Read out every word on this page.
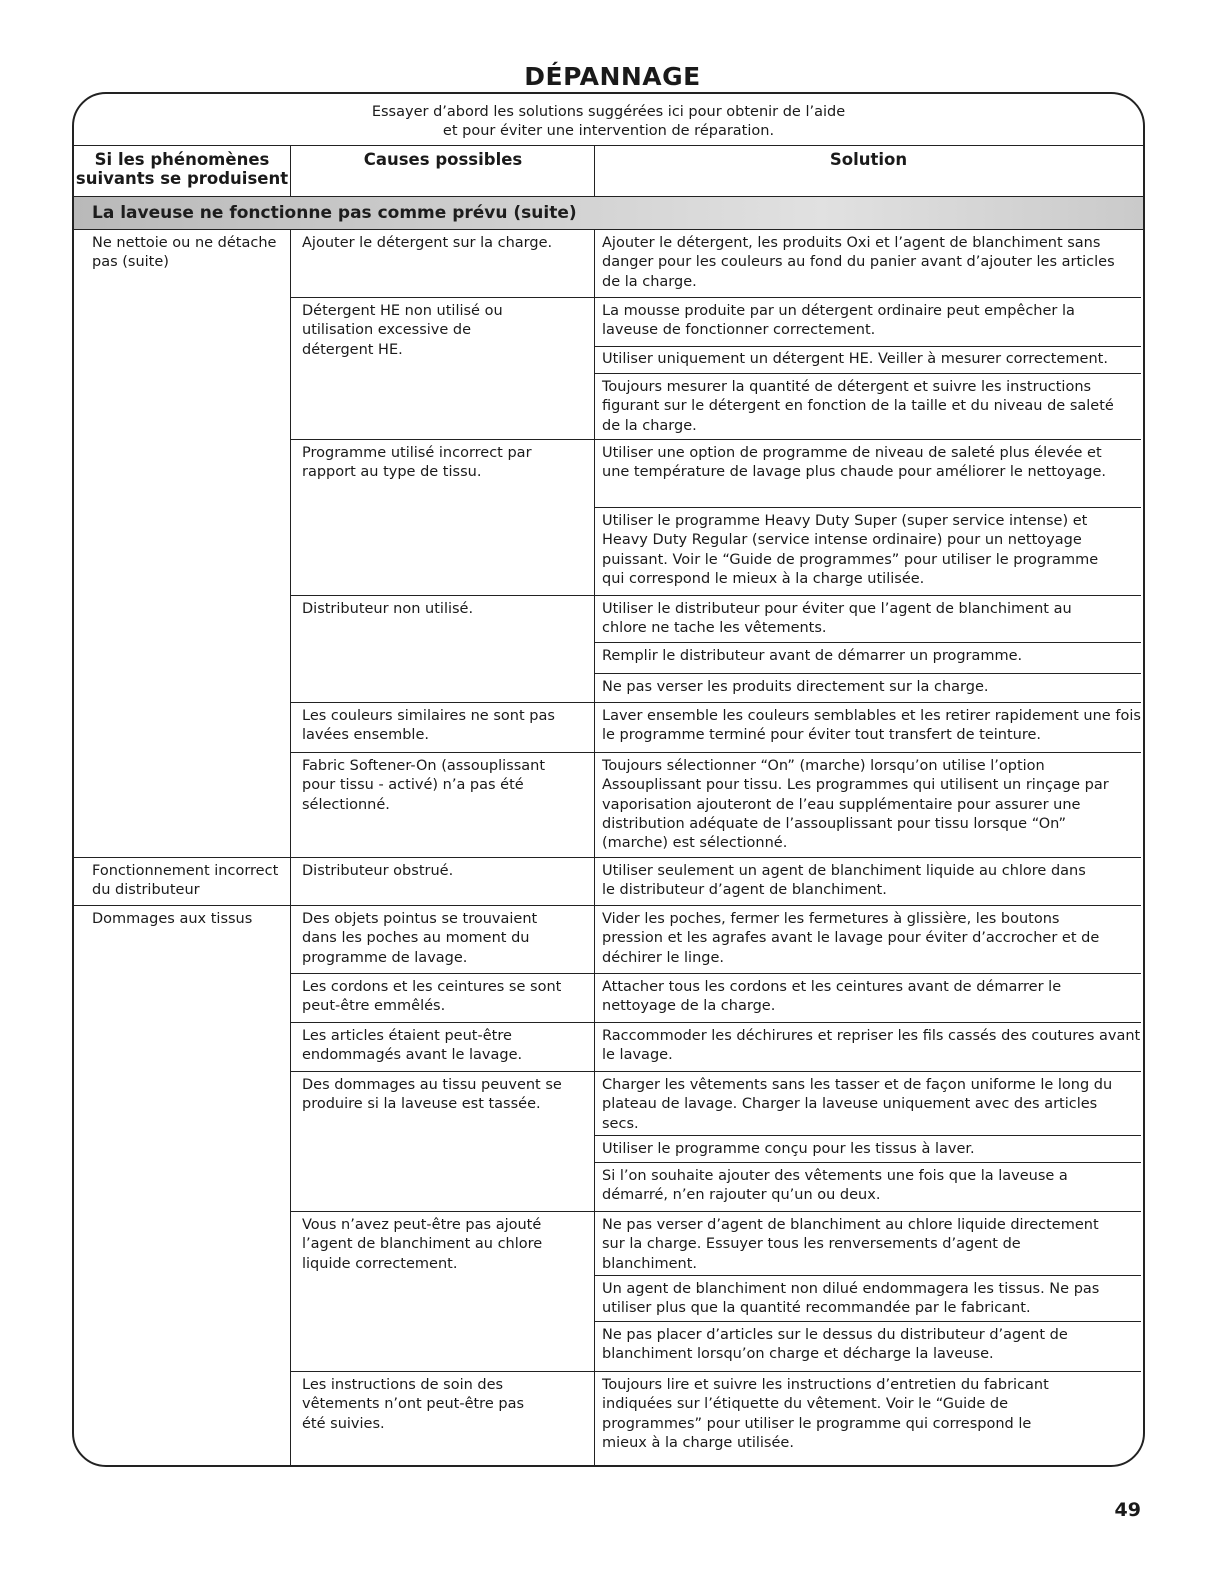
DÉPANNAGE
Essayer d’abord les solutions suggérées ici pour obtenir de l’aide
et pour éviter une intervention de réparation.
Si les phénomènes suivants se produisent
Causes possibles	Solution
La laveuse ne fonctionne pas comme prévu (suite)
Ne nettoie ou ne détache pas (suite)
Fonctionnement incorrect du distributeur
Dommages aux tissus
Ajouter le détergent sur la charge.
Détergent HE non utilisé ou utilisation excessive de détergent HE.
Programme utilisé incorrect par rapport au type de tissu.
Distributeur non utilisé.
Les couleurs similaires ne sont pas lavées ensemble.
Fabric Softener-On (assouplissant pour tissu - activé) n’a pas été sélectionné.
Distributeur obstrué.
Des objets pointus se trouvaient dans les poches au moment du programme de lavage.
Les cordons et les ceintures se sont peut-être emmêlés.
Les articles étaient peut-être endommagés avant le lavage.
Des dommages au tissu peuvent se produire si la laveuse est tassée.
Vous n’avez peut-être pas ajouté l’agent de blanchiment au chlore liquide correctement.
Les instructions de soin des vêtements n’ont peut-être pas été suivies.
Ajouter le détergent, les produits Oxi et l’agent de blanchiment sans danger pour les couleurs au fond du panier avant d’ajouter les articles de la charge.
La mousse produite par un détergent ordinaire peut empêcher la laveuse de fonctionner correctement.
Utiliser uniquement un détergent HE. Veiller à mesurer correctement.
Toujours mesurer la quantité de détergent et suivre les instructions figurant sur le détergent en fonction de la taille et du niveau de saleté de la charge.
Utiliser une option de programme de niveau de saleté plus élevée et une température de lavage plus chaude pour améliorer le nettoyage.
Utiliser le programme Heavy Duty Super (super service intense) et Heavy Duty Regular (service intense ordinaire) pour un nettoyage puissant. Voir le “Guide de programmes” pour utiliser le programme qui correspond le mieux à la charge utilisée.
Utiliser le distributeur pour éviter que l’agent de blanchiment au chlore ne tache les vêtements.
Remplir le distributeur avant de démarrer un programme.
Ne pas verser les produits directement sur la charge.
Laver ensemble les couleurs semblables et les retirer rapidement une fois le programme terminé pour éviter tout transfert de teinture.
Toujours sélectionner “On” (marche) lorsqu’on utilise l’option Assouplissant pour tissu. Les programmes qui utilisent un rinçage par vaporisation ajouteront de l’eau supplémentaire pour assurer une distribution adéquate de l’assouplissant pour tissu lorsque “On” (marche) est sélectionné.
Utiliser seulement un agent de blanchiment liquide au chlore dans le distributeur d’agent de blanchiment.
Vider les poches, fermer les fermetures à glissière, les boutons pression et les agrafes avant le lavage pour éviter d’accrocher et de déchirer le linge.
Attacher tous les cordons et les ceintures avant de démarrer le nettoyage de la charge.
Raccommoder les déchirures et repriser les fils cassés des coutures avant le lavage.
Charger les vêtements sans les tasser et de façon uniforme le long du plateau de lavage. Charger la laveuse uniquement avec des articles secs.
Utiliser le programme conçu pour les tissus à laver.
Si l’on souhaite ajouter des vêtements une fois que la laveuse a démarré, n’en rajouter qu’un ou deux.
Ne pas verser d’agent de blanchiment au chlore liquide directement sur la charge. Essuyer tous les renversements d’agent de blanchiment.
Un agent de blanchiment non dilué endommagera les tissus. Ne pas utiliser plus que la quantité recommandée par le fabricant.
Ne pas placer d’articles sur le dessus du distributeur d’agent de blanchiment lorsqu’on charge et décharge la laveuse.
Toujours lire et suivre les instructions d’entretien du fabricant indiquées sur l’étiquette du vêtement. Voir le “Guide de programmes” pour utiliser le programme qui correspond le mieux à la charge utilisée.
49
